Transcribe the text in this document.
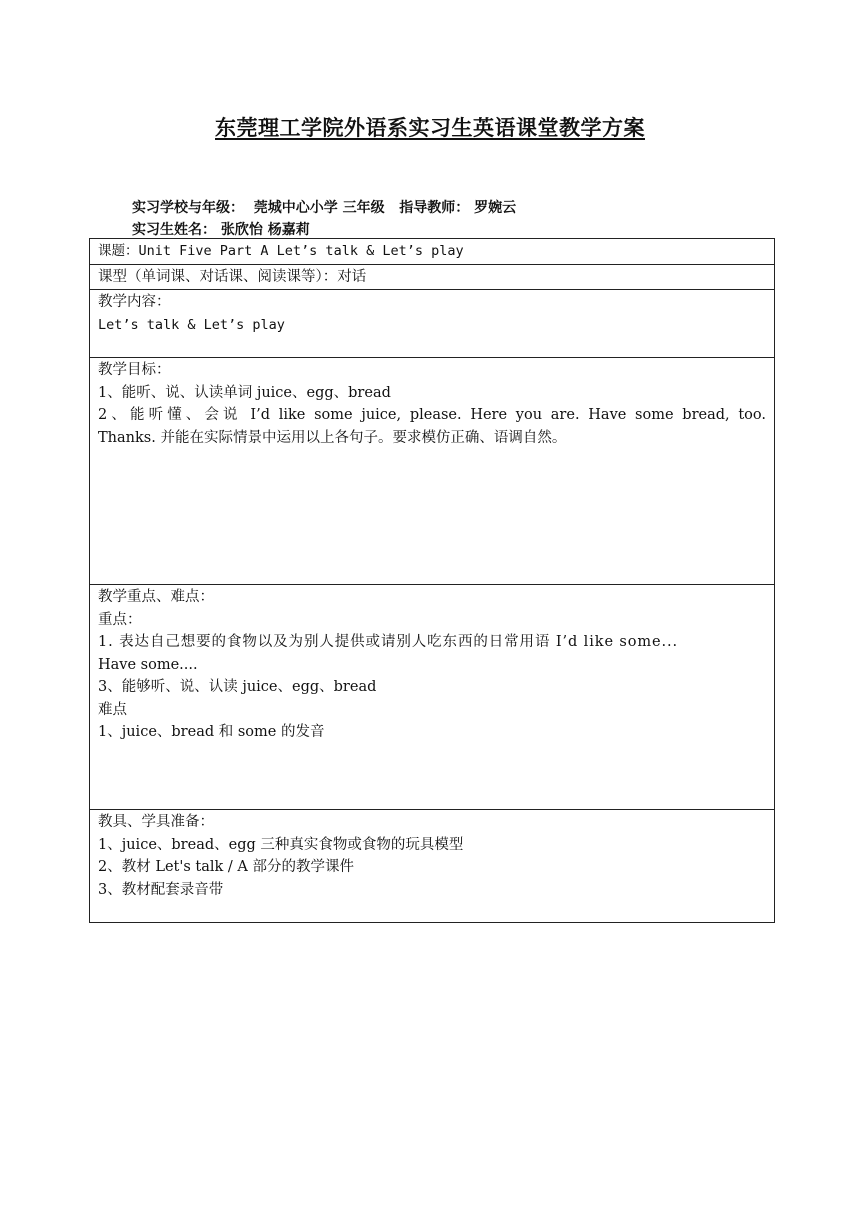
东莞理工学院外语系实习生英语课堂教学方案
实习学校与年级：  莞城中心小学 三年级   指导教师： 罗婉云
实习生姓名： 张欣怡 杨嘉莉
课题：Unit Five Part A Let’s talk & Let’s play

课型（单词课、对话课、阅读课等）：对话

教学内容：
Let’s talk & Let’s play

教学目标：
1、能听、说、认读单词 juice、egg、bread
2、能听懂、会说 I’d like some juice, please. Here you are. Have some bread, too.
Thanks. 并能在实际情景中运用以上各句子。要求模仿正确、语调自然。

教学重点、难点：
重点：
1. 表达自己想要的食物以及为别人提供或请别人吃东西的日常用语 I’d like some...
Have some....
3、能够听、说、认读 juice、egg、bread
难点
1、juice、bread 和 some 的发音

教具、学具准备：
1、juice、bread、egg 三种真实食物或食物的玩具模型
2、教材 Let's talk / A 部分的教学课件
3、教材配套录音带
